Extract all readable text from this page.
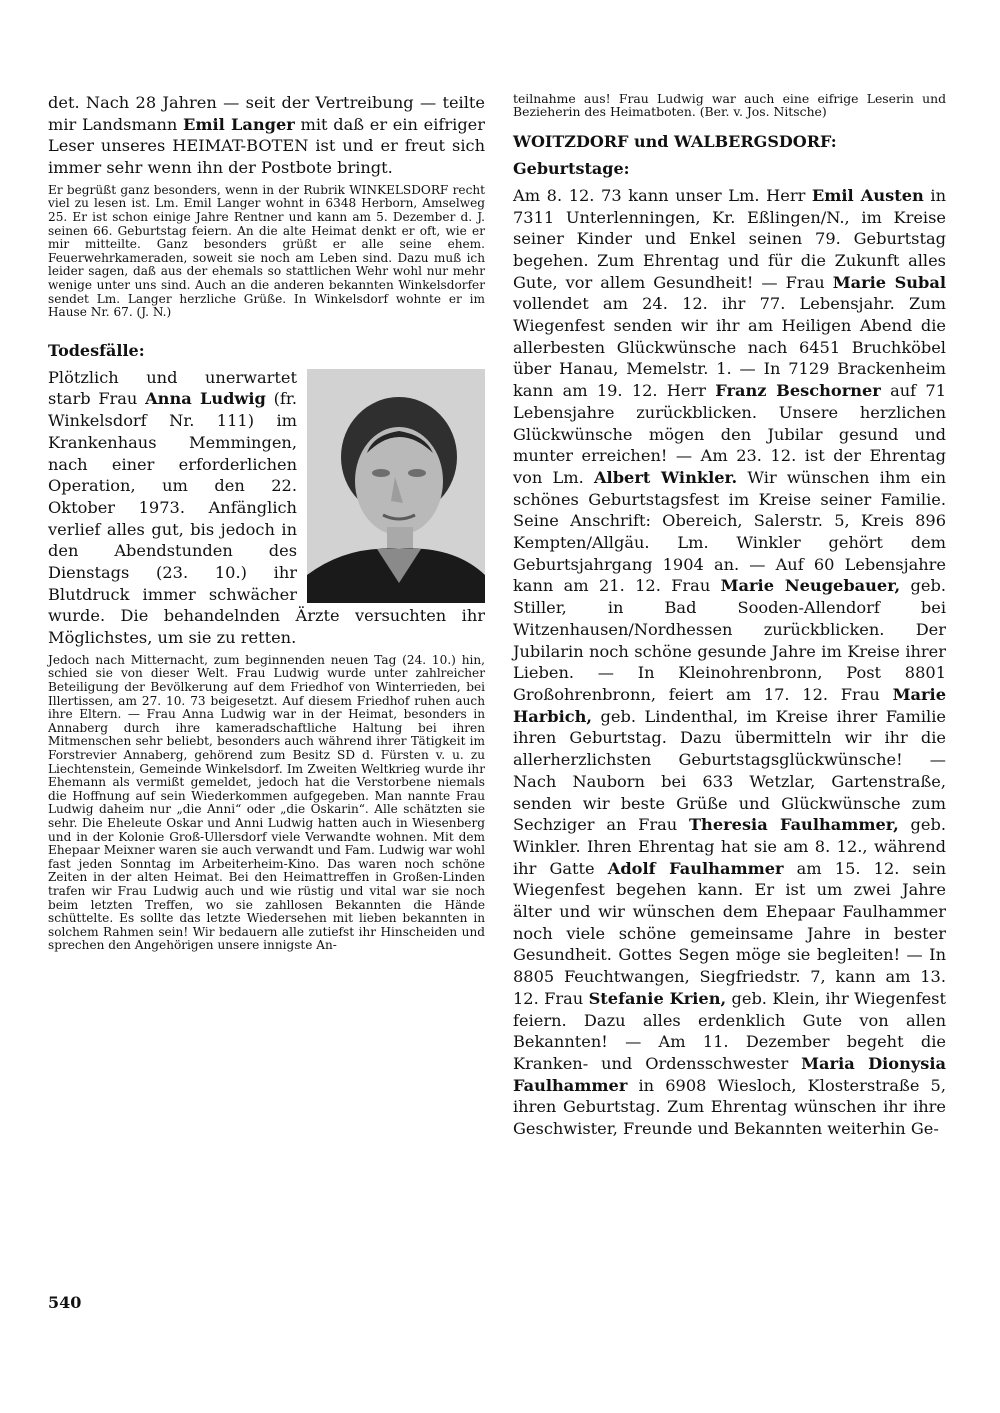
det. Nach 28 Jahren — seit der Vertreibung — teilte mir Landsmann Emil Langer mit daß er ein eifriger Leser unseres HEIMAT-BOTEN ist und er freut sich immer sehr wenn ihn der Postbote bringt.

Er begrüßt ganz besonders, wenn in der Rubrik WINKELSDORF recht viel zu lesen ist. Lm. Emil Langer wohnt in 6348 Herborn, Amselweg 25. Er ist schon einige Jahre Rentner und kann am 5. Dezember d. J. seinen 66. Geburtstag feiern. An die alte Heimat denkt er oft, wie er mir mitteilte. Ganz besonders grüßt er alle seine ehem. Feuerwehrkameraden, soweit sie noch am Leben sind. Dazu muß ich leider sagen, daß aus der ehemals so stattlichen Wehr wohl nur mehr wenige unter uns sind. Auch an die anderen bekannten Winkelsdorfer sendet Lm. Langer herzliche Grüße. In Winkelsdorf wohnte er im Hause Nr. 67. (J. N.)

Todesfälle:

Plötzlich und unerwartet starb Frau Anna Ludwig (fr. Winkelsdorf Nr. 111) im Krankenhaus Memmingen, nach einer erforderlichen Operation, um den 22. Oktober 1973. Anfänglich verlief alles gut, bis jedoch in den Abendstunden des Dienstags (23. 10.) ihr Blutdruck immer schwächer wurde. Die behandelnden Ärzte versuchten ihr Möglichstes, um sie zu retten.

Jedoch nach Mitternacht, zum beginnenden neuen Tag (24. 10.) hin, schied sie von dieser Welt. Frau Ludwig wurde unter zahlreicher Beteiligung der Bevölkerung auf dem Friedhof von Winterrieden, bei Illertissen, am 27. 10. 73 beigesetzt. Auf diesem Friedhof ruhen auch ihre Eltern. — Frau Anna Ludwig war in der Heimat, besonders in Annaberg durch ihre kameradschaftliche Haltung bei ihren Mitmenschen sehr beliebt, besonders auch während ihrer Tätigkeit im Forstrevier Annaberg, gehörend zum Besitz SD d. Fürsten v. u. zu Liechtenstein, Gemeinde Winkelsdorf. Im Zweiten Weltkrieg wurde ihr Ehemann als vermißt gemeldet, jedoch hat die Verstorbene niemals die Hoffnung auf sein Wiederkommen aufgegeben. Man nannte Frau Ludwig daheim nur „die Anni“ oder „die Oskarin“. Alle schätzten sie sehr. Die Eheleute Oskar und Anni Ludwig hatten auch in Wiesenberg und in der Kolonie Groß-Ullersdorf viele Verwandte wohnen. Mit dem Ehepaar Meixner waren sie auch verwandt und Fam. Ludwig war wohl fast jeden Sonntag im Arbeiterheim-Kino. Das waren noch schöne Zeiten in der alten Heimat. Bei den Heimattreffen in Großen-Linden trafen wir Frau Ludwig auch und wie rüstig und vital war sie noch beim letzten Treffen, wo sie zahllosen Bekannten die Hände schüttelte. Es sollte das letzte Wiedersehen mit lieben bekannten in solchem Rahmen sein! Wir bedauern alle zutiefst ihr Hinscheiden und sprechen den Angehörigen unsere innigste An-

teilnahme aus! Frau Ludwig war auch eine eifrige Leserin und Bezieherin des Heimatboten. (Ber. v. Jos. Nitsche)

WOITZDORF und WALBERGSDORF:

Geburtstage:

Am 8. 12. 73 kann unser Lm. Herr Emil Austen in 7311 Unterlenningen, Kr. Eßlingen/N., im Kreise seiner Kinder und Enkel seinen 79. Geburtstag begehen. Zum Ehrentag und für die Zukunft alles Gute, vor allem Gesundheit! — Frau Marie Subal vollendet am 24. 12. ihr 77. Lebensjahr. Zum Wiegenfest senden wir ihr am Heiligen Abend die allerbesten Glückwünsche nach 6451 Bruchköbel über Hanau, Memelstr. 1. — In 7129 Brackenheim kann am 19. 12. Herr Franz Beschorner auf 71 Lebensjahre zurückblicken. Unsere herzlichen Glückwünsche mögen den Jubilar gesund und munter erreichen! — Am 23. 12. ist der Ehrentag von Lm. Albert Winkler. Wir wünschen ihm ein schönes Geburtstagsfest im Kreise seiner Familie. Seine Anschrift: Obereich, Salerstr. 5, Kreis 896 Kempten/Allgäu. Lm. Winkler gehört dem Geburtsjahrgang 1904 an. — Auf 60 Lebensjahre kann am 21. 12. Frau Marie Neugebauer, geb. Stiller, in Bad Sooden-Allendorf bei Witzenhausen/Nordhessen zurückblicken. Der Jubilarin noch schöne gesunde Jahre im Kreise ihrer Lieben. — In Kleinohrenbronn, Post 8801 Großohrenbronn, feiert am 17. 12. Frau Marie Harbich, geb. Lindenthal, im Kreise ihrer Familie ihren Geburtstag. Dazu übermitteln wir ihr die allerherzlichsten Geburtstagsglückwünsche! — Nach Nauborn bei 633 Wetzlar, Gartenstraße, senden wir beste Grüße und Glückwünsche zum Sechziger an Frau Theresia Faulhammer, geb. Winkler. Ihren Ehrentag hat sie am 8. 12., während ihr Gatte Adolf Faulhammer am 15. 12. sein Wiegenfest begehen kann. Er ist um zwei Jahre älter und wir wünschen dem Ehepaar Faulhammer noch viele schöne gemeinsame Jahre in bester Gesundheit. Gottes Segen möge sie begleiten! — In 8805 Feuchtwangen, Siegfriedstr. 7, kann am 13. 12. Frau Stefanie Krien, geb. Klein, ihr Wiegenfest feiern. Dazu alles erdenklich Gute von allen Bekannten! — Am 11. Dezember begeht die Kranken- und Ordensschwester Maria Dionysia Faulhammer in 6908 Wiesloch, Klosterstraße 5, ihren Geburtstag. Zum Ehrentag wünschen ihr ihre Geschwister, Freunde und Bekannten weiterhin Ge-

540
